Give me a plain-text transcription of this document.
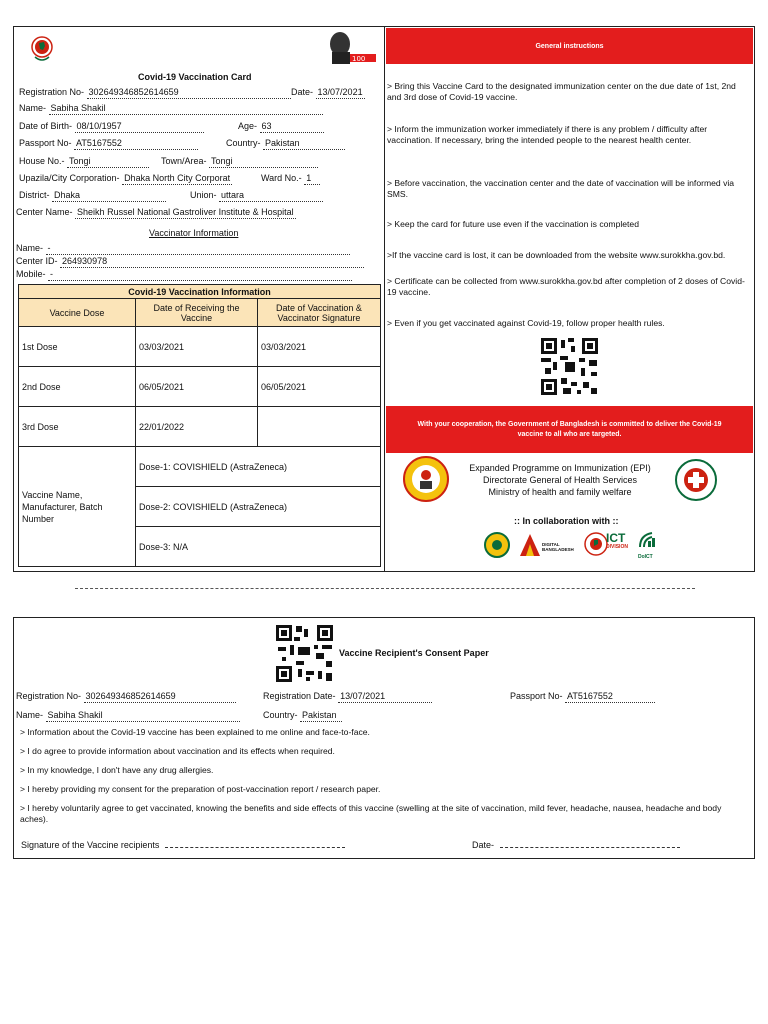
100
Covid-19 Vaccination Card
Registration No- 302649346852614659	Date- 13/07/2021
Name- Sabiha Shakil
Date of Birth- 08/10/1957	Age- 63
Passport No- AT5167552	Country- Pakistan
House No.- Tongi	Town/Area- Tongi
Upazila/City Corporation- Dhaka North City Corporat	Ward No.- 1
District- Dhaka	Union- uttara
Center Name- Sheikh Russel National Gastroliver Institute & Hospital
Vaccinator Information
Name- -
Center ID- 264930978
Mobile- -
Covid-19 Vaccination Information		
Vaccine Dose	Date of Receiving the Vaccine	Date of Vaccination & Vaccinator Signature
1st Dose	03/03/2021	03/03/2021
2nd Dose	06/05/2021	06/05/2021
3rd Dose	22/01/2022	
Vaccine Name, Manufacturer, Batch Number	Dose-1: COVISHIELD (AstraZeneca)	
	Dose-2: COVISHIELD (AstraZeneca)	
	Dose-3: N/A	
General instructions
> Bring this Vaccine Card to the designated immunization center on the due date of 1st, 2nd and 3rd dose of Covid-19 vaccine.
> Inform the immunization worker immediately if there is any problem / difficulty after vaccination. If necessary, bring the intended people to the nearest health center.
> Before vaccination, the vaccination center and the date of vaccination will be informed via SMS.
> Keep the card for future use even if the vaccination is completed
>If the vaccine card is lost, it can be downloaded from the website www.surokkha.gov.bd.
> Certificate can be collected from www.surokkha.gov.bd after completion of 2 doses of Covid-19 vaccine.
> Even if you get vaccinated against Covid-19, follow proper health rules.
With your cooperation, the Government of Bangladesh is committed to deliver the Covid-19 vaccine to all who are targeted.
Expanded Programme on Immunization (EPI)
Directorate General of Health Services
Ministry of health and family welfare
:: In collaboration with ::
DIGITAL BANGLADESH
ICT
DIVISION
DoICT
Vaccine Recipient's Consent Paper
Registration No- 302649346852614659	Registration Date- 13/07/2021	Passport No- AT5167552
Name- Sabiha Shakil	Country- Pakistan
> Information about the Covid-19 vaccine has been explained to me online and face-to-face.
> I do agree to provide information about vaccination and its effects when required.
> In my knowledge, I don't have any drug allergies.
> I hereby providing my consent for the preparation of post-vaccination report / research paper.
> I hereby voluntarily agree to get vaccinated, knowing the benefits and side effects of this vaccine (swelling at the site of vaccination, mild fever, headache, nausea, headache and body aches).
Signature of the Vaccine recipients	Date-
